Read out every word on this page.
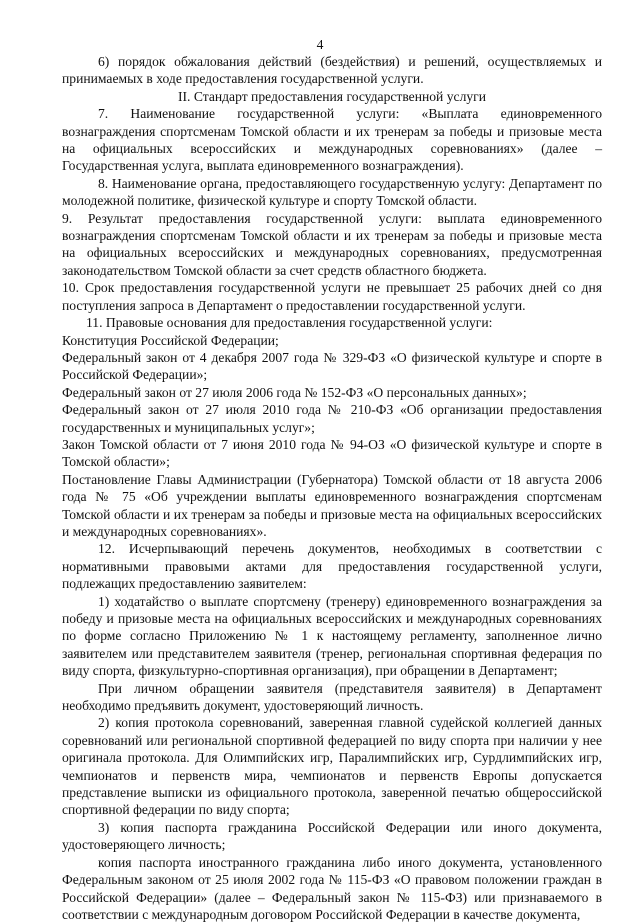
4

6) порядок обжалования действий (бездействия) и решений, осуществляемых и принимаемых в ходе предоставления государственной услуги.

II. Стандарт предоставления государственной услуги

7. Наименование государственной услуги: «Выплата единовременного вознаграждения спортсменам Томской области и их тренерам за победы и призовые места на официальных всероссийских и международных соревнованиях» (далее – Государственная услуга, выплата единовременного вознаграждения).

8. Наименование органа, предоставляющего государственную услугу: Департамент по молодежной политике, физической культуре и спорту Томской области.

9. Результат предоставления государственной услуги: выплата единовременного вознаграждения спортсменам Томской области и их тренерам за победы и призовые места на официальных всероссийских и международных соревнованиях, предусмотренная законодательством Томской области за счет средств областного бюджета.

10. Срок предоставления государственной услуги не превышает 25 рабочих дней со дня поступления запроса в Департамент о предоставлении государственной услуги.

11. Правовые основания для предоставления государственной услуги:

Конституция Российской Федерации;

Федеральный закон от 4 декабря 2007 года № 329-ФЗ «О физической культуре и спорте в Российской Федерации»;

Федеральный закон от 27 июля 2006 года № 152-ФЗ «О персональных данных»;

Федеральный закон от 27 июля 2010 года № 210-ФЗ «Об организации предоставления государственных и муниципальных услуг»;

Закон Томской области от 7 июня 2010 года № 94-ОЗ «О физической культуре и спорте в Томской области»;

Постановление Главы Администрации (Губернатора) Томской области от 18 августа 2006 года № 75 «Об учреждении выплаты единовременного вознаграждения спортсменам Томской области и их тренерам за победы и призовые места на официальных всероссийских и международных соревнованиях».

12. Исчерпывающий перечень документов, необходимых в соответствии с нормативными правовыми актами для предоставления государственной услуги, подлежащих предоставлению заявителем:

1) ходатайство о выплате спортсмену (тренеру) единовременного вознаграждения за победу и призовые места на официальных всероссийских и международных соревнованиях по форме согласно Приложению № 1 к настоящему регламенту, заполненное лично заявителем или представителем заявителя (тренер, региональная спортивная федерация по виду спорта, физкультурно-спортивная организация), при обращении в Департамент;

При личном обращении заявителя (представителя заявителя) в Департамент необходимо предъявить документ, удостоверяющий личность.

2) копия протокола соревнований, заверенная главной судейской коллегией данных соревнований или региональной спортивной федерацией по виду спорта при наличии у нее оригинала протокола. Для Олимпийских игр, Паралимпийских игр, Сурдлимпийских игр, чемпионатов и первенств мира, чемпионатов и первенств Европы допускается представление выписки из официального протокола, заверенной печатью общероссийской спортивной федерации по виду спорта;

3) копия паспорта гражданина Российской Федерации или иного документа, удостоверяющего личность;

копия паспорта иностранного гражданина либо иного документа, установленного Федеральным законом от 25 июля 2002 года № 115-ФЗ «О правовом положении граждан в Российской Федерации» (далее – Федеральный закон № 115-ФЗ) или признаваемого в соответствии с международным договором Российской Федерации в качестве документа,
